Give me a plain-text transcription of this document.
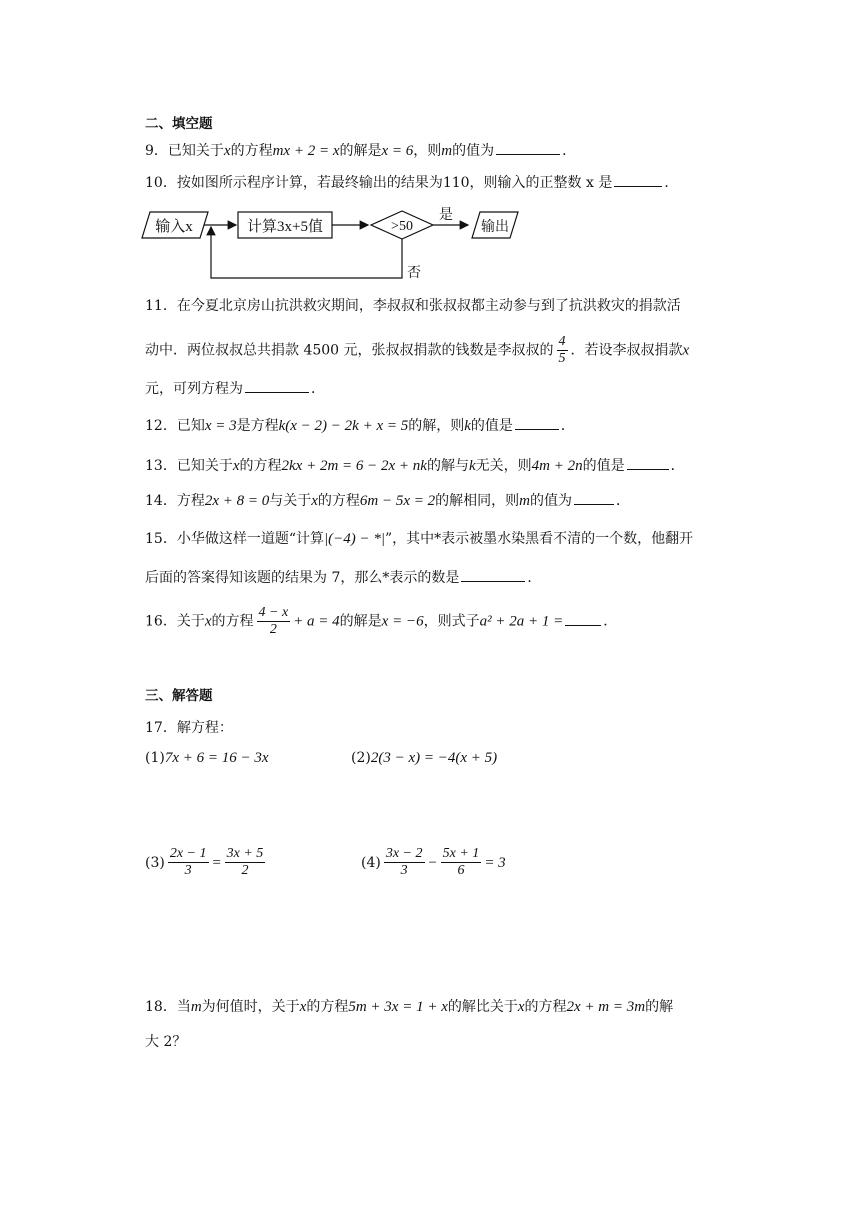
二、填空题
9．已知关于x的方程mx + 2 = x的解是x = 6，则m的值为	．
10．按如图所示程序计算，若最终输出的结果为110，则输入的正整数 x 是	．
输入x	计算3x+5值	>50
是
输出
否
11．在今夏北京房山抗洪救灾期间，李叔叔和张叔叔都主动参与到了抗洪救灾的捐款活
动中．两位叔叔总共捐款 4500 元，张叔叔捐款的钱数是李叔叔的 $\frac{4}{5}$ ．若设李叔叔捐款x
元，可列方程为	．
12．已知x = 3是方程k(x − 2) − 2k + x = 5的解，则k的值是	．
13．已知关于x的方程2kx + 2m = 6 − 2x + nk的解与k无关，则4m + 2n的值是	．
14．方程2x + 8 = 0与关于x的方程6m − 5x = 2的解相同，则m的值为	．
15．小华做这样一道题“计算|(−4) − *|”，其中*表示被墨水染黑看不清的一个数，他翻开
后面的答案得知该题的结果为 7，那么*表示的数是	．
16．关于x的方程 $\frac{4 - x}{2} + a = 4$的解是x = −6，则式子a² + 2a + 1 =	．
三、解答题
17．解方程：
(1)7x + 6 = 16 − 3x	(2)2(3 − x) = −4(x + 5)
$(3) \frac{2x - 1}{3} = \frac{3x + 5}{2}$	$(4) \frac{3x - 2}{3} - \frac{5x + 1}{6} = 3$
18．当m为何值时，关于x的方程5m + 3x = 1 + x的解比关于x的方程2x + m = 3m的解
大 2？
